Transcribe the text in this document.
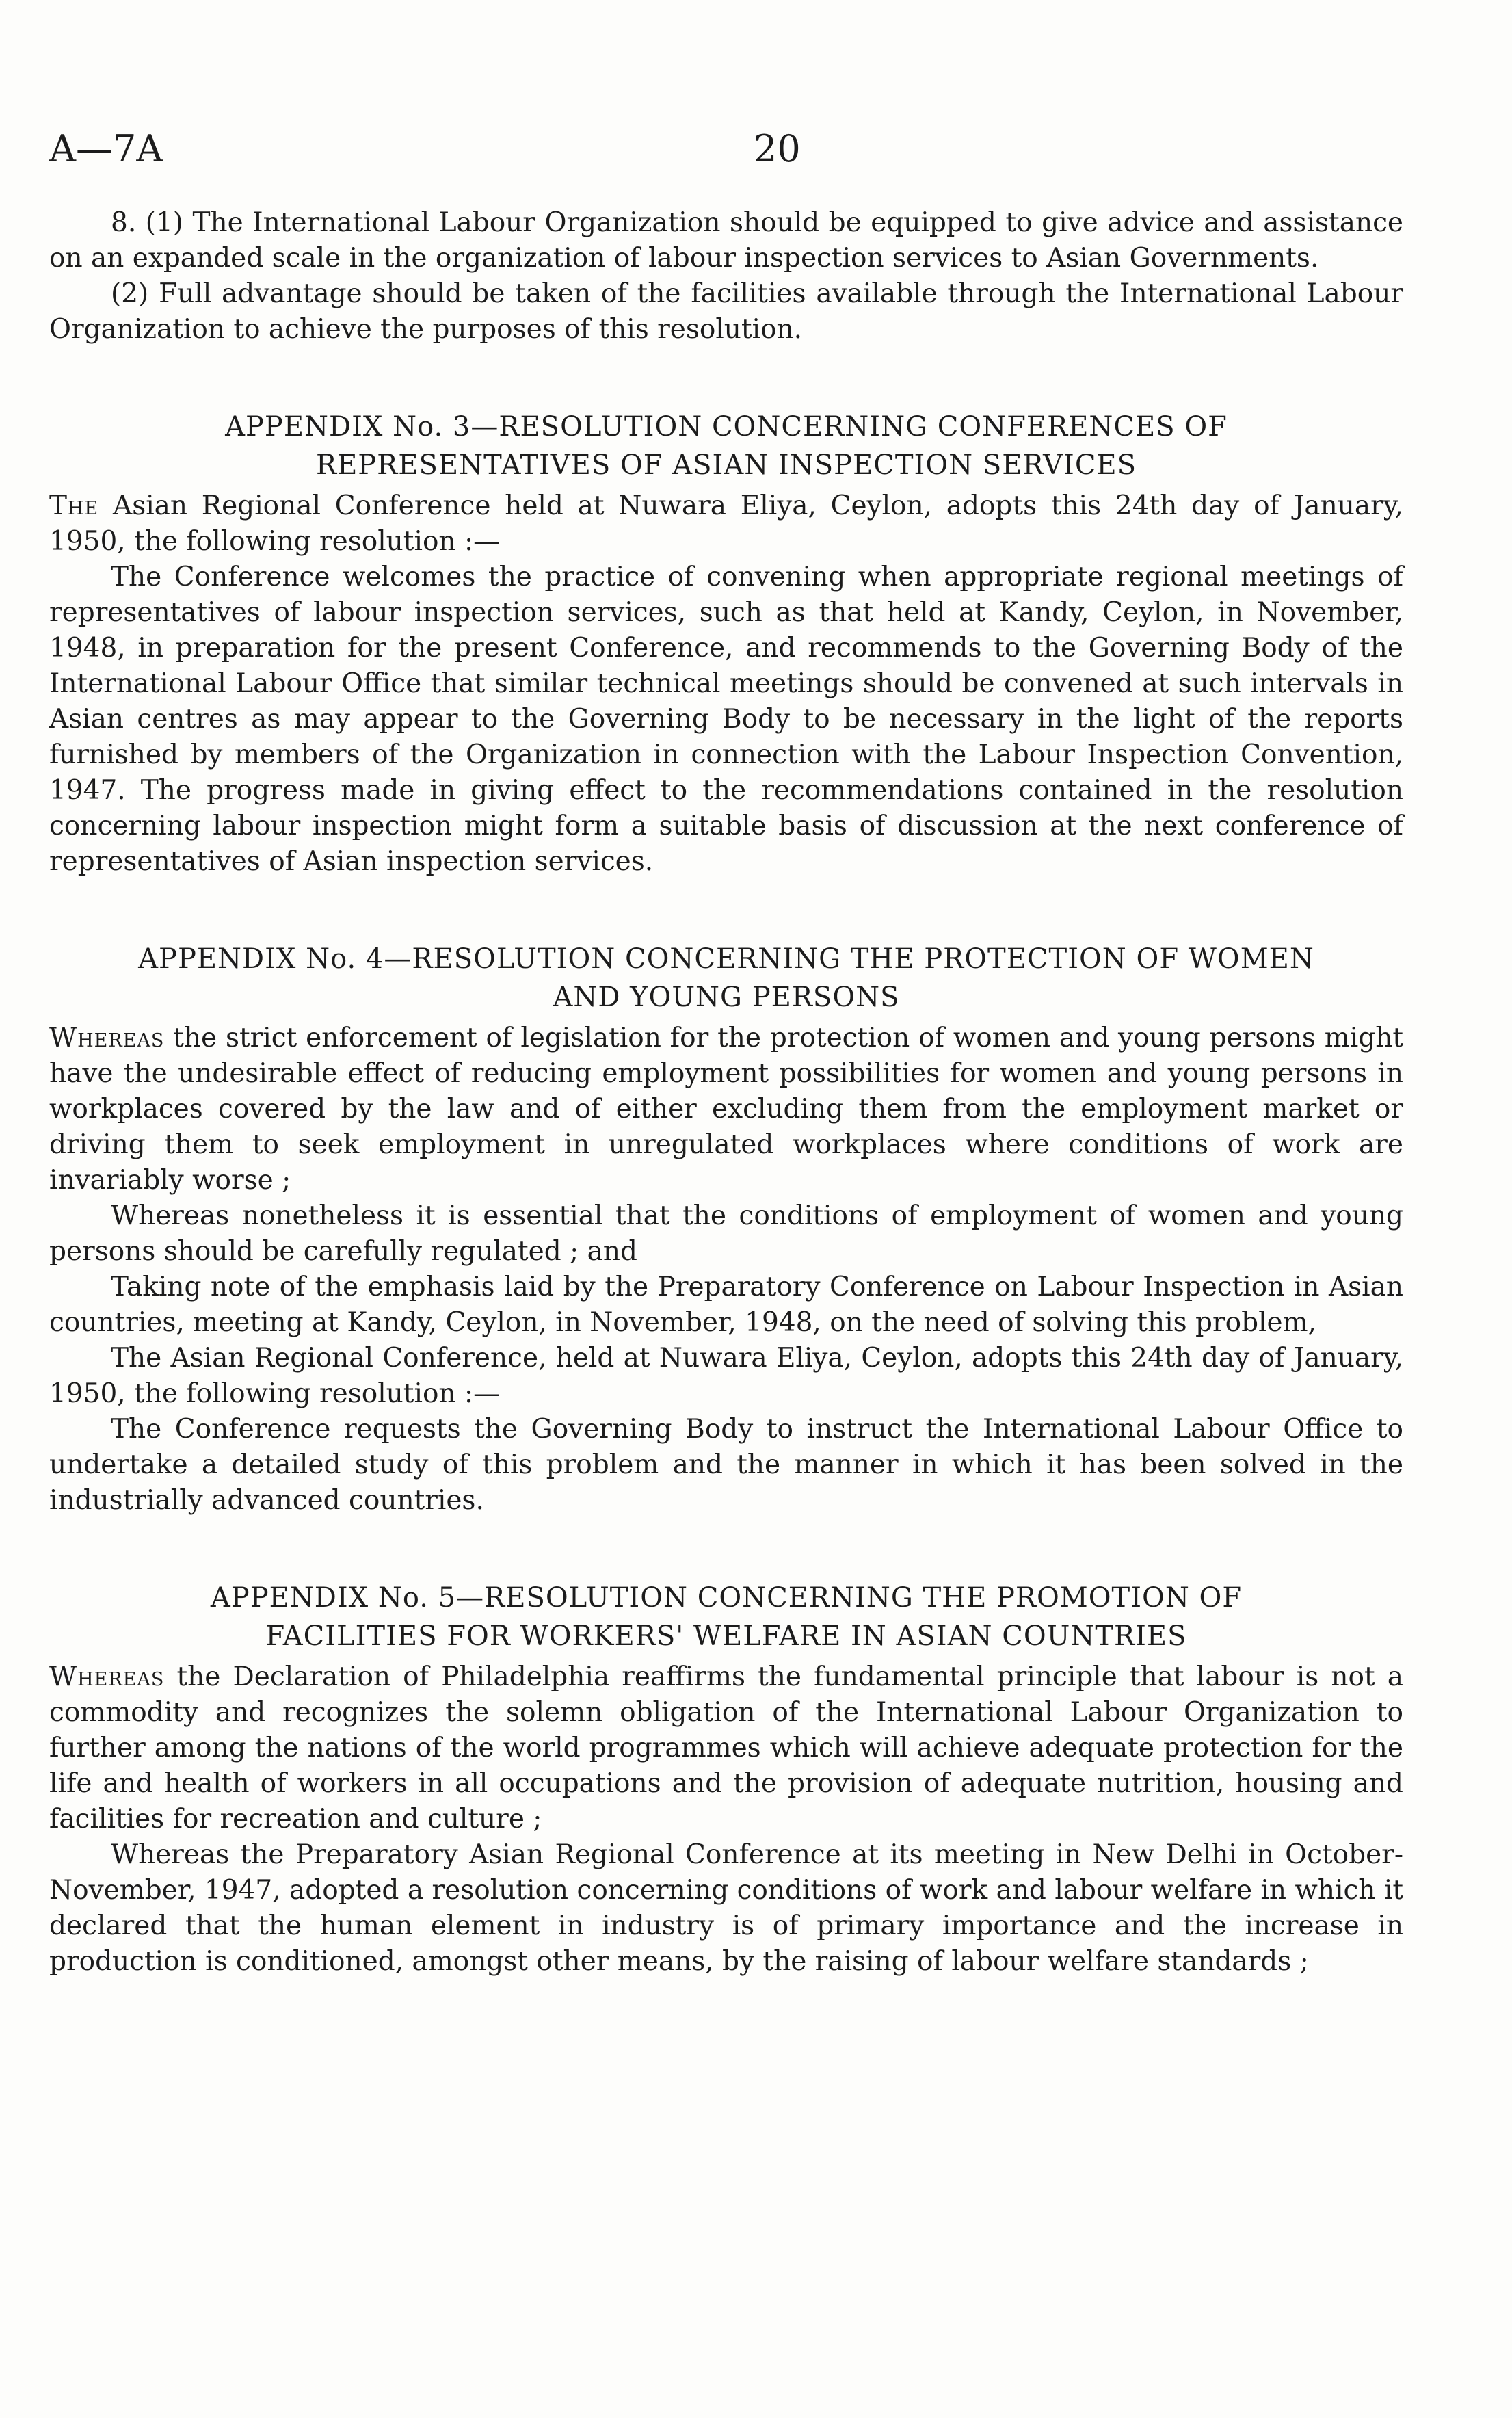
A—7A	20

8. (1) The International Labour Organization should be equipped to give advice and assistance on an expanded scale in the organization of labour inspection services to Asian Governments.

(2) Full advantage should be taken of the facilities available through the International Labour Organization to achieve the purposes of this resolution.

APPENDIX No. 3—RESOLUTION CONCERNING CONFERENCES OF
REPRESENTATIVES OF ASIAN INSPECTION SERVICES

The Asian Regional Conference held at Nuwara Eliya, Ceylon, adopts this 24th day of January, 1950, the following resolution :—

The Conference welcomes the practice of convening when appropriate regional meetings of representatives of labour inspection services, such as that held at Kandy, Ceylon, in November, 1948, in preparation for the present Conference, and recommends to the Governing Body of the International Labour Office that similar technical meetings should be convened at such intervals in Asian centres as may appear to the Governing Body to be necessary in the light of the reports furnished by members of the Organization in connection with the Labour Inspection Convention, 1947. The progress made in giving effect to the recommendations contained in the resolution concerning labour inspection might form a suitable basis of discussion at the next conference of representatives of Asian inspection services.

APPENDIX No. 4—RESOLUTION CONCERNING THE PROTECTION OF WOMEN
AND YOUNG PERSONS

Whereas the strict enforcement of legislation for the protection of women and young persons might have the undesirable effect of reducing employment possibilities for women and young persons in workplaces covered by the law and of either excluding them from the employment market or driving them to seek employment in unregulated workplaces where conditions of work are invariably worse ;

Whereas nonetheless it is essential that the conditions of employment of women and young persons should be carefully regulated ; and

Taking note of the emphasis laid by the Preparatory Conference on Labour Inspection in Asian countries, meeting at Kandy, Ceylon, in November, 1948, on the need of solving this problem,

The Asian Regional Conference, held at Nuwara Eliya, Ceylon, adopts this 24th day of January, 1950, the following resolution :—

The Conference requests the Governing Body to instruct the International Labour Office to undertake a detailed study of this problem and the manner in which it has been solved in the industrially advanced countries.

APPENDIX No. 5—RESOLUTION CONCERNING THE PROMOTION OF
FACILITIES FOR WORKERS' WELFARE IN ASIAN COUNTRIES

Whereas the Declaration of Philadelphia reaffirms the fundamental principle that labour is not a commodity and recognizes the solemn obligation of the International Labour Organization to further among the nations of the world programmes which will achieve adequate protection for the life and health of workers in all occupations and the provision of adequate nutrition, housing and facilities for recreation and culture ;

Whereas the Preparatory Asian Regional Conference at its meeting in New Delhi in October-November, 1947, adopted a resolution concerning conditions of work and labour welfare in which it declared that the human element in industry is of primary importance and the increase in production is conditioned, amongst other means, by the raising of labour welfare standards ;
